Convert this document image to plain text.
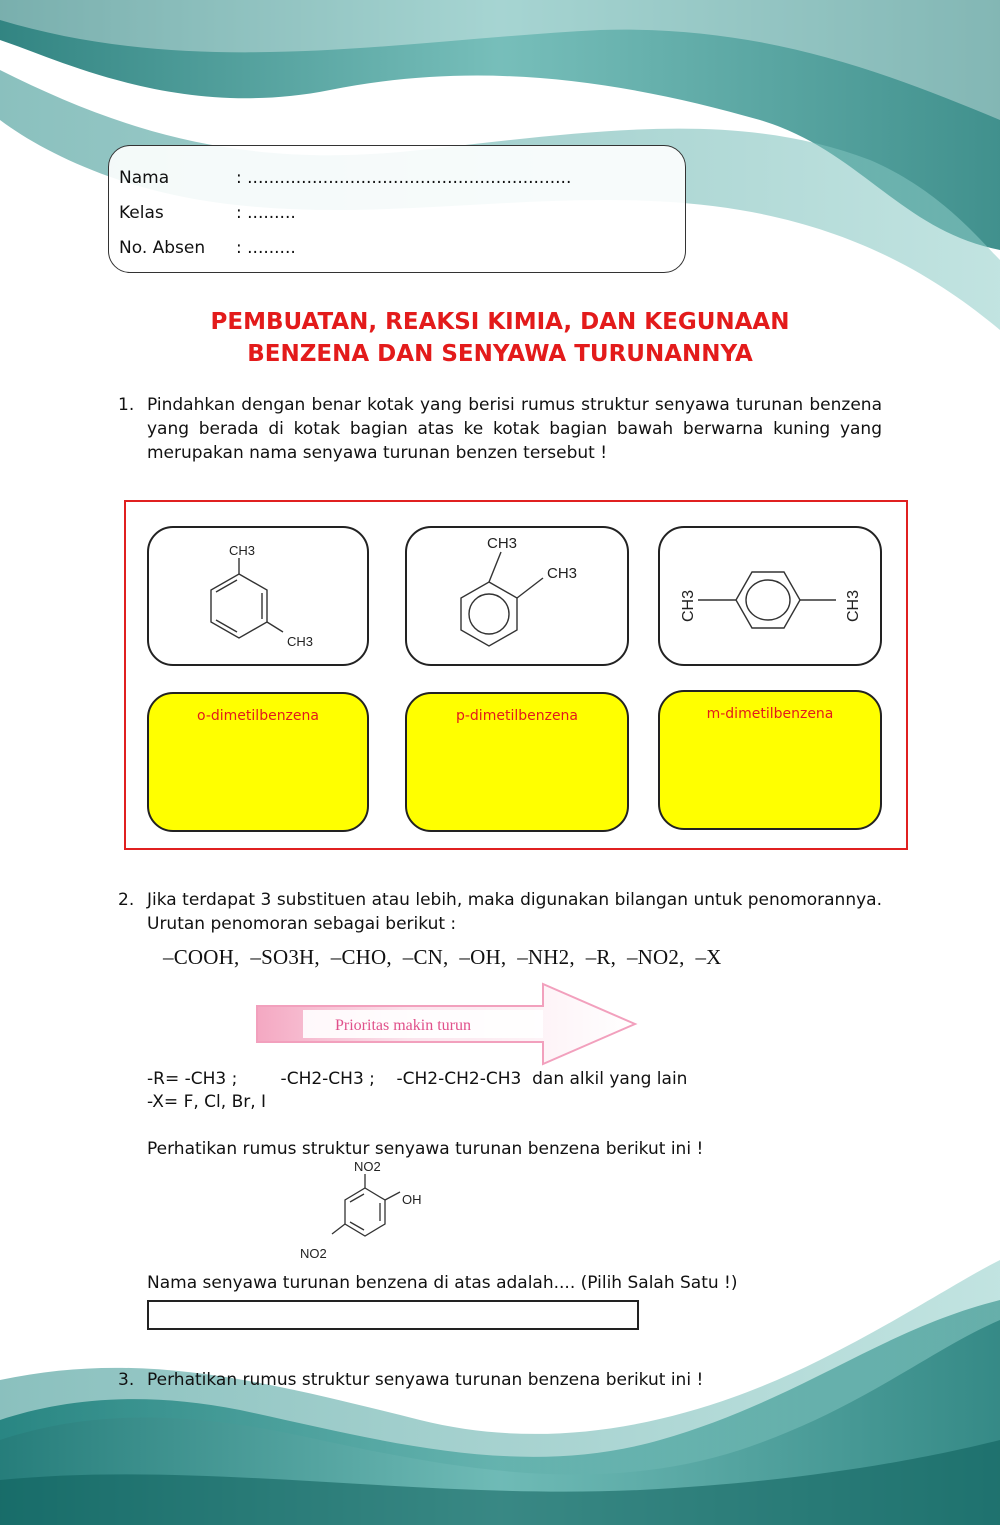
Nama	: ............................................................
Kelas	: .........
No. Absen : .........
PEMBUATAN, REAKSI KIMIA, DAN KEGUNAAN
BENZENA DAN SENYAWA TURUNANNYA
1. Pindahkan dengan benar kotak yang berisi rumus struktur senyawa turunan benzena yang berada di kotak bagian atas ke kotak bagian bawah berwarna kuning yang merupakan nama senyawa turunan benzen tersebut !
CH3
CH3
CH3
CH3
CH3	CH3
o-dimetilbenzena	p-dimetilbenzena	m-dimetilbenzena
2. Jika terdapat 3 substituen atau lebih, maka digunakan bilangan untuk penomorannya. Urutan penomoran sebagai berikut :
–COOH, –SO3H, –CHO, –CN, –OH, –NH2, –R, –NO2, –X
Prioritas makin turun
-R= -CH3 ;        -CH2-CH3 ;    -CH2-CH2-CH3  dan alkil yang lain
-X= F, Cl, Br, I
Perhatikan rumus struktur senyawa turunan benzena berikut ini !
NO2
OH
NO2
Nama senyawa turunan benzena di atas adalah.... (Pilih Salah Satu !)
3. Perhatikan rumus struktur senyawa turunan benzena berikut ini !
